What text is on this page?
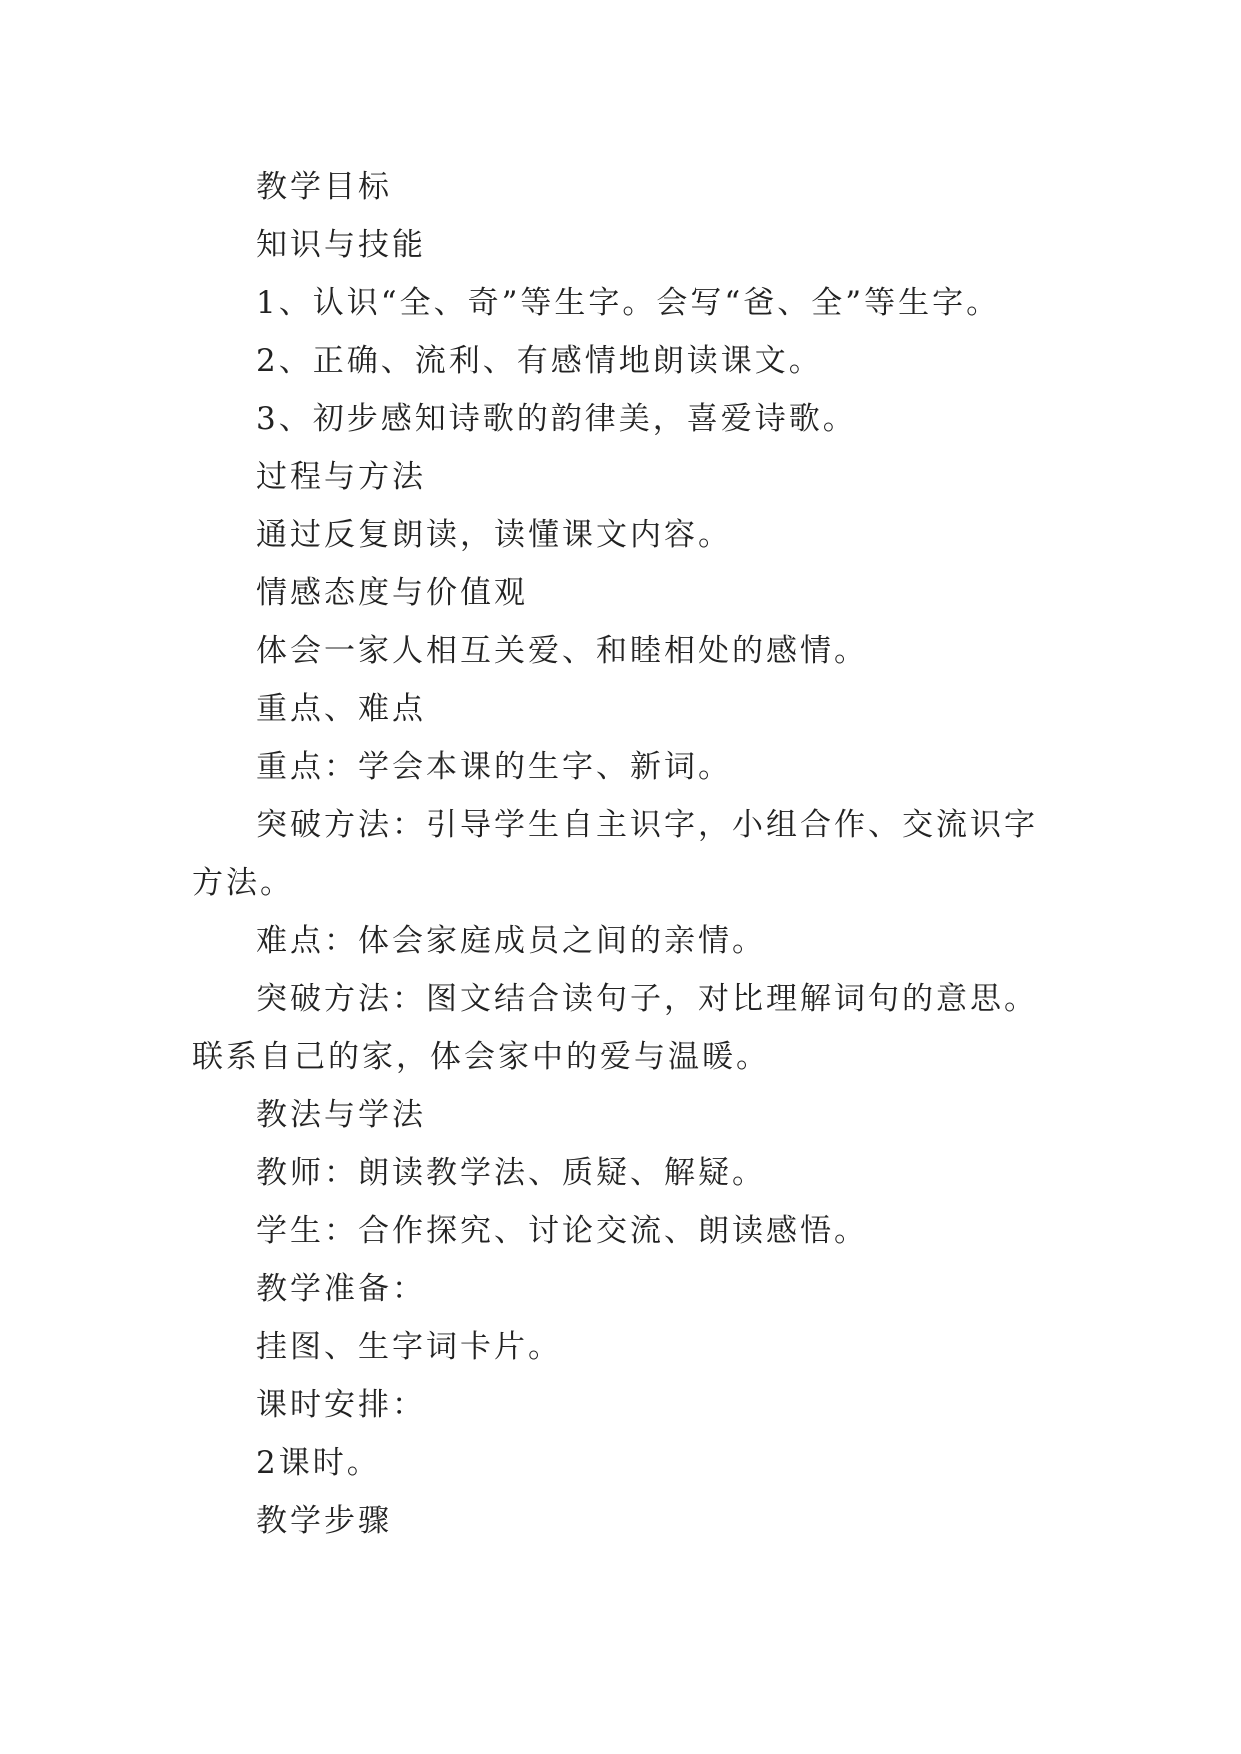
教学目标

知识与技能

1、认识“全、奇”等生字。会写“爸、全”等生字。

2、正确、流利、有感情地朗读课文。

3、初步感知诗歌的韵律美，喜爱诗歌。

过程与方法

通过反复朗读，读懂课文内容。

情感态度与价值观

体会一家人相互关爱、和睦相处的感情。

重点、难点

重点：学会本课的生字、新词。

突破方法：引导学生自主识字，小组合作、交流识字方法。

难点：体会家庭成员之间的亲情。

突破方法：图文结合读句子，对比理解词句的意思。联系自己的家，体会家中的爱与温暖。

教法与学法

教师：朗读教学法、质疑、解疑。

学生：合作探究、讨论交流、朗读感悟。

教学准备：

挂图、生字词卡片。

课时安排：

2课时。

教学步骤
